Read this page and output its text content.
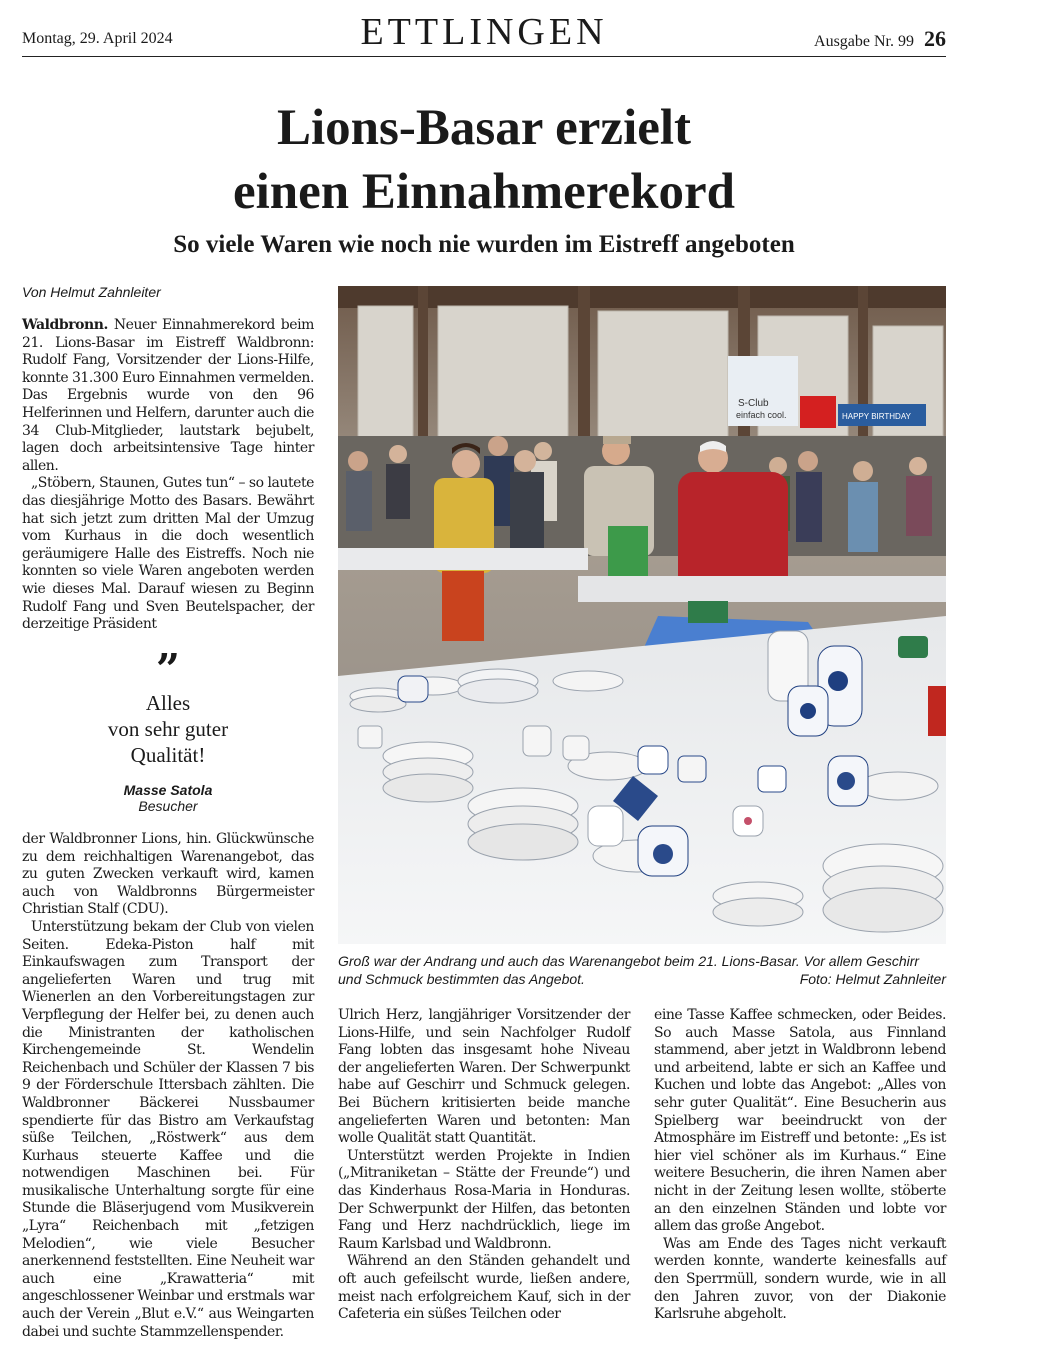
Montag, 29. April 2024	ETTLINGEN	Ausgabe Nr. 99 26
Lions-Basar erzielt
einen Einnahmerekord
So viele Waren wie noch nie wurden im Eistreff angeboten
Von Helmut Zahnleiter

Waldbronn. Neuer Einnahmerekord beim 21. Lions-Basar im Eistreff Waldbronn: Rudolf Fang, Vorsitzender der Lions-Hilfe, konnte 31.300 Euro Einnahmen vermelden. Das Ergebnis wurde von den 96 Helferinnen und Helfern, darunter auch die 34 Club-Mitglieder, lautstark bejubelt, lagen doch arbeitsintensive Tage hinter allen.

„Stöbern, Staunen, Gutes tun“ – so lautete das diesjährige Motto des Basars. Bewährt hat sich jetzt zum dritten Mal der Umzug vom Kurhaus in die doch wesentlich geräumigere Halle des Eistreffs. Noch nie konnten so viele Waren angeboten werden wie dieses Mal. Darauf wiesen zu Beginn Rudolf Fang und Sven Beutelspacher, der derzeitige Präsident

”
Alles
von sehr guter
Qualität!
Masse Satola
Besucher

der Waldbronner Lions, hin. Glückwünsche zu dem reichhaltigen Warenangebot, das zu guten Zwecken verkauft wird, kamen auch von Waldbronns Bürgermeister Christian Stalf (CDU).

Unterstützung bekam der Club von vielen Seiten. Edeka-Piston half mit Einkaufswagen zum Transport der angelieferten Waren und trug mit Wienerlen an den Vorbereitungstagen zur Verpflegung der Helfer bei, zu denen auch die Ministranten der katholischen Kirchengemeinde St. Wendelin Reichenbach und Schüler der Klassen 7 bis 9 der Förderschule Ittersbach zählten. Die Waldbronner Bäckerei Nussbaumer spendierte für das Bistro am Verkaufstag süße Teilchen, „Röstwerk“ aus dem Kurhaus steuerte Kaffee und die notwendigen Maschinen bei. Für musikalische Unterhaltung sorgte für eine Stunde die Bläserjugend vom Musikverein „Lyra“ Reichenbach mit „fetzigen Melodien“, wie viele Besucher anerkennend feststellten. Eine Neuheit war auch eine „Krawatteria“ mit angeschlossener Weinbar und erstmals war auch der Verein „Blut e.V.“ aus Weingarten dabei und suchte Stammzellenspender.

S-Club
einfach cool.	HAPPY BIRTHDAY
Groß war der Andrang und auch das Warenangebot beim 21. Lions-Basar. Vor allem Geschirr und Schmuck bestimmten das Angebot.	Foto: Helmut Zahnleiter

Ulrich Herz, langjähriger Vorsitzender der Lions-Hilfe, und sein Nachfolger Rudolf Fang lobten das insgesamt hohe Niveau der angelieferten Waren. Der Schwerpunkt habe auf Geschirr und Schmuck gelegen. Bei Büchern kritisierten beide manche angelieferten Waren und betonten: Man wolle Qualität statt Quantität.

Unterstützt werden Projekte in Indien („Mitraniketan – Stätte der Freunde“) und das Kinderhaus Rosa-Maria in Honduras. Der Schwerpunkt der Hilfen, das betonten Fang und Herz nachdrücklich, liege im Raum Karlsbad und Waldbronn.

Während an den Ständen gehandelt und oft auch gefeilscht wurde, ließen andere, meist nach erfolgreichem Kauf, sich in der Cafeteria ein süßes Teilchen oder

eine Tasse Kaffee schmecken, oder Beides. So auch Masse Satola, aus Finnland stammend, aber jetzt in Waldbronn lebend und arbeitend, labte er sich an Kaffee und Kuchen und lobte das Angebot: „Alles von sehr guter Qualität“. Eine Besucherin aus Spielberg war beeindruckt von der Atmosphäre im Eistreff und betonte: „Es ist hier viel schöner als im Kurhaus.“ Eine weitere Besucherin, die ihren Namen aber nicht in der Zeitung lesen wollte, stöberte an den einzelnen Ständen und lobte vor allem das große Angebot.

Was am Ende des Tages nicht verkauft werden konnte, wanderte keinesfalls auf den Sperrmüll, sondern wurde, wie in all den Jahren zuvor, von der Diakonie Karlsruhe abgeholt.
